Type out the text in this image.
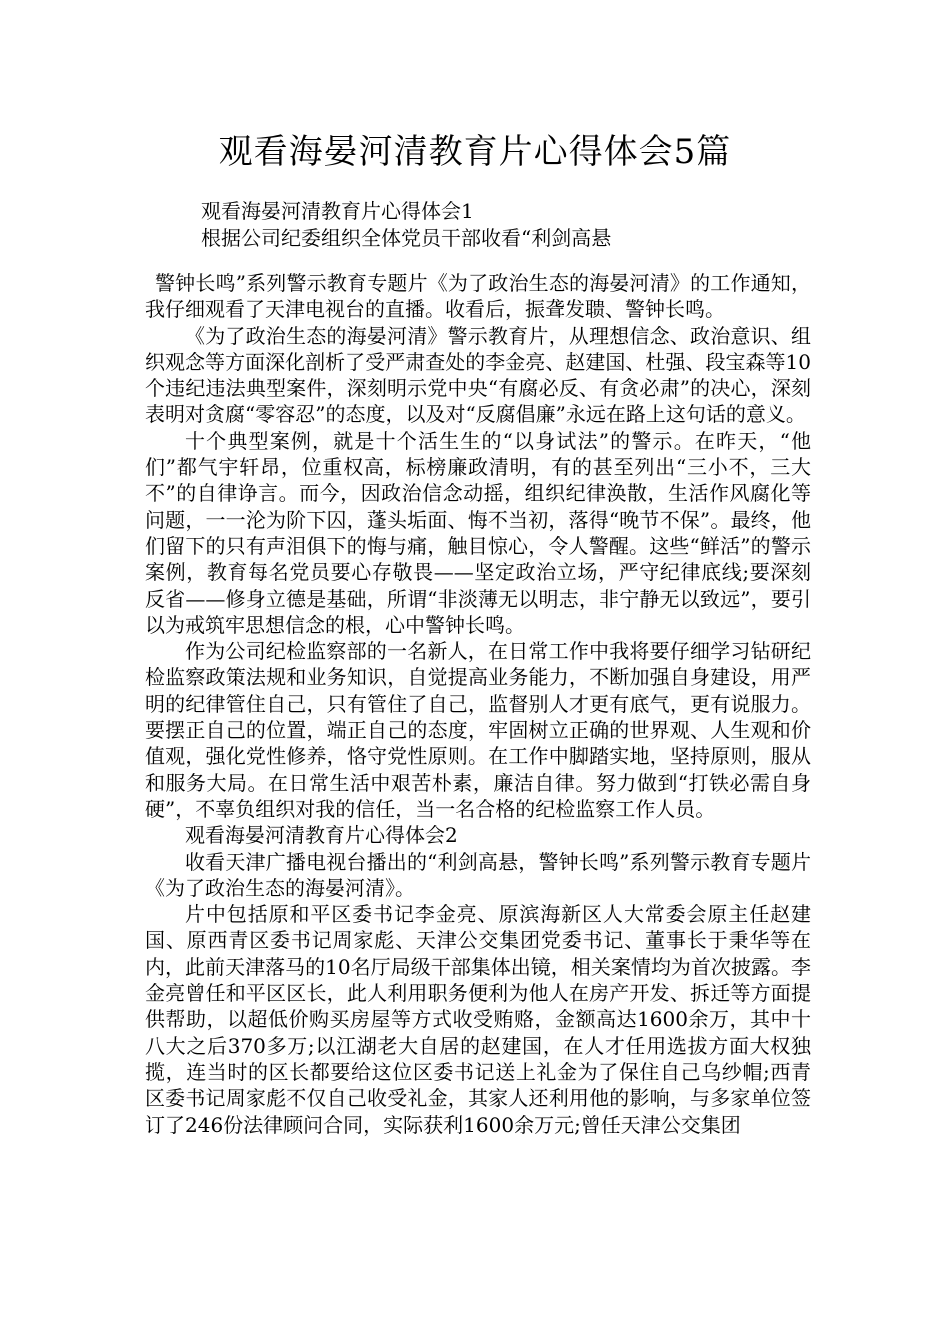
观看海晏河清教育片心得体会5篇

观看海晏河清教育片心得体会1

根据公司纪委组织全体党员干部收看“利剑高悬

警钟长鸣”系列警示教育专题片《为了政治生态的海晏河清》的工作通知，我仔细观看了天津电视台的直播。收看后，振聋发聩、警钟长鸣。

《为了政治生态的海晏河清》警示教育片，从理想信念、政治意识、组织观念等方面深化剖析了受严肃查处的李金亮、赵建国、杜强、段宝森等10个违纪违法典型案件，深刻明示党中央“有腐必反、有贪必肃”的决心，深刻表明对贪腐“零容忍”的态度，以及对“反腐倡廉”永远在路上这句话的意义。

十个典型案例，就是十个活生生的“以身试法”的警示。在昨天，“他们”都气宇轩昂，位重权高，标榜廉政清明，有的甚至列出“三小不，三大不”的自律诤言。而今，因政治信念动摇，组织纪律涣散，生活作风腐化等问题，一一沦为阶下囚，蓬头垢面、悔不当初，落得“晚节不保”。最终，他们留下的只有声泪俱下的悔与痛，触目惊心，令人警醒。这些“鲜活”的警示案例，教育每名党员要心存敬畏——坚定政治立场，严守纪律底线;要深刻反省——修身立德是基础，所谓“非淡薄无以明志，非宁静无以致远”，要引以为戒筑牢思想信念的根，心中警钟长鸣。

作为公司纪检监察部的一名新人，在日常工作中我将要仔细学习钻研纪检监察政策法规和业务知识，自觉提高业务能力，不断加强自身建设，用严明的纪律管住自己，只有管住了自己，监督别人才更有底气，更有说服力。要摆正自己的位置，端正自己的态度，牢固树立正确的世界观、人生观和价值观，强化党性修养，恪守党性原则。在工作中脚踏实地，坚持原则，服从和服务大局。在日常生活中艰苦朴素，廉洁自律。努力做到“打铁必需自身硬”，不辜负组织对我的信任，当一名合格的纪检监察工作人员。

观看海晏河清教育片心得体会2

收看天津广播电视台播出的“利剑高悬，警钟长鸣”系列警示教育专题片《为了政治生态的海晏河清》。

片中包括原和平区委书记李金亮、原滨海新区人大常委会原主任赵建国、原西青区委书记周家彪、天津公交集团党委书记、董事长于秉华等在内，此前天津落马的10名厅局级干部集体出镜，相关案情均为首次披露。李金亮曾任和平区区长，此人利用职务便利为他人在房产开发、拆迁等方面提供帮助，以超低价购买房屋等方式收受贿赂，金额高达1600余万，其中十八大之后370多万;以江湖老大自居的赵建国，在人才任用选拔方面大权独揽，连当时的区长都要给这位区委书记送上礼金为了保住自己乌纱帽;西青区委书记周家彪不仅自己收受礼金，其家人还利用他的影响，与多家单位签订了246份法律顾问合同，实际获利1600余万元;曾任天津公交集团
